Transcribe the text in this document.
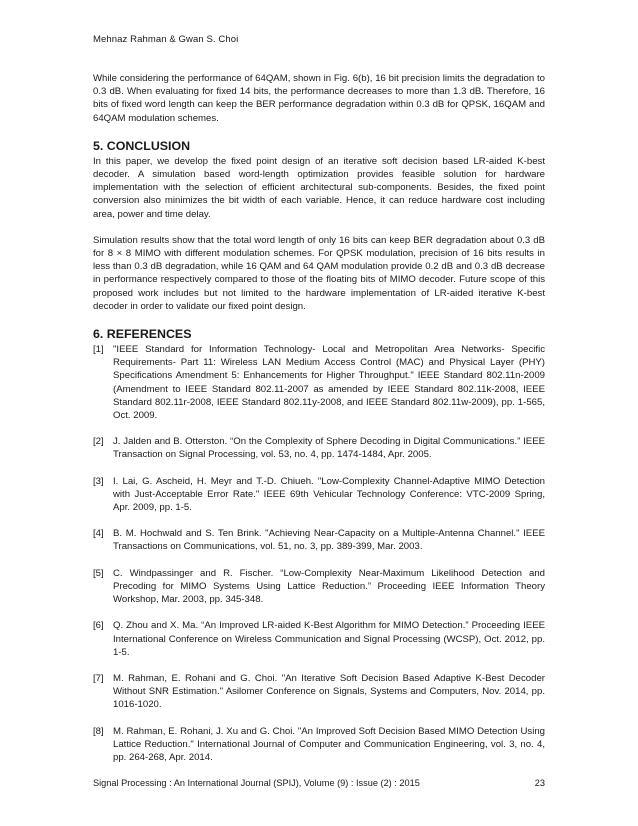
Mehnaz Rahman & Gwan S. Choi

While considering the performance of 64QAM, shown in Fig. 6(b), 16 bit precision limits the degradation to 0.3 dB. When evaluating for fixed 14 bits, the performance decreases to more than 1.3 dB. Therefore, 16 bits of fixed word length can keep the BER performance degradation within 0.3 dB for QPSK, 16QAM and 64QAM modulation schemes.

5. CONCLUSION

In this paper, we develop the fixed point design of an iterative soft decision based LR-aided K-best decoder. A simulation based word-length optimization provides feasible solution for hardware implementation with the selection of efficient architectural sub-components. Besides, the fixed point conversion also minimizes the bit width of each variable. Hence, it can reduce hardware cost including area, power and time delay.

Simulation results show that the total word length of only 16 bits can keep BER degradation about 0.3 dB for 8 × 8 MIMO with different modulation schemes. For QPSK modulation, precision of 16 bits results in less than 0.3 dB degradation, while 16 QAM and 64 QAM modulation provide 0.2 dB and 0.3 dB decrease in performance respectively compared to those of the floating bits of MIMO decoder. Future scope of this proposed work includes but not limited to the hardware implementation of LR-aided iterative K-best decoder in order to validate our fixed point design.

6. REFERENCES
[1] "IEEE Standard for Information Technology- Local and Metropolitan Area Networks- Specific Requirements- Part 11: Wireless LAN Medium Access Control (MAC) and Physical Layer (PHY) Specifications Amendment 5: Enhancements for Higher Throughput." IEEE Standard 802.11n-2009 (Amendment to IEEE Standard 802.11-2007 as amended by IEEE Standard 802.11k-2008, IEEE Standard 802.11r-2008, IEEE Standard 802.11y-2008, and IEEE Standard 802.11w-2009), pp. 1-565, Oct. 2009.
[2] J. Jalden and B. Otterston. “On the Complexity of Sphere Decoding in Digital Communications.” IEEE Transaction on Signal Processing, vol. 53, no. 4, pp. 1474-1484, Apr. 2005.
[3] I. Lai, G. Ascheid, H. Meyr and T.-D. Chiueh. "Low-Complexity Channel-Adaptive MIMO Detection with Just-Acceptable Error Rate." IEEE 69th Vehicular Technology Conference: VTC-2009 Spring, Apr. 2009, pp. 1-5.
[4] B. M. Hochwald and S. Ten Brink. "Achieving Near-Capacity on a Multiple-Antenna Channel." IEEE Transactions on Communications, vol. 51, no. 3, pp. 389-399, Mar. 2003.
[5] C. Windpassinger and R. Fischer. “Low-Complexity Near-Maximum Likelihood Detection and Precoding for MIMO Systems Using Lattice Reduction.” Proceeding IEEE Information Theory Workshop, Mar. 2003, pp. 345-348.
[6] Q. Zhou and X. Ma. “An Improved LR-aided K-Best Algorithm for MIMO Detection.” Proceeding IEEE International Conference on Wireless Communication and Signal Processing (WCSP), Oct. 2012, pp. 1-5.
[7] M. Rahman, E. Rohani and G. Choi. "An Iterative Soft Decision Based Adaptive K-Best Decoder Without SNR Estimation." Asilomer Conference on Signals, Systems and Computers, Nov. 2014, pp. 1016-1020.
[8] M. Rahman, E. Rohani, J. Xu and G. Choi. "An Improved Soft Decision Based MIMO Detection Using Lattice Reduction." International Journal of Computer and Communication Engineering, vol. 3, no. 4, pp. 264-268, Apr. 2014.
Signal Processing : An International Journal (SPIJ), Volume (9) : Issue (2) : 2015	23
